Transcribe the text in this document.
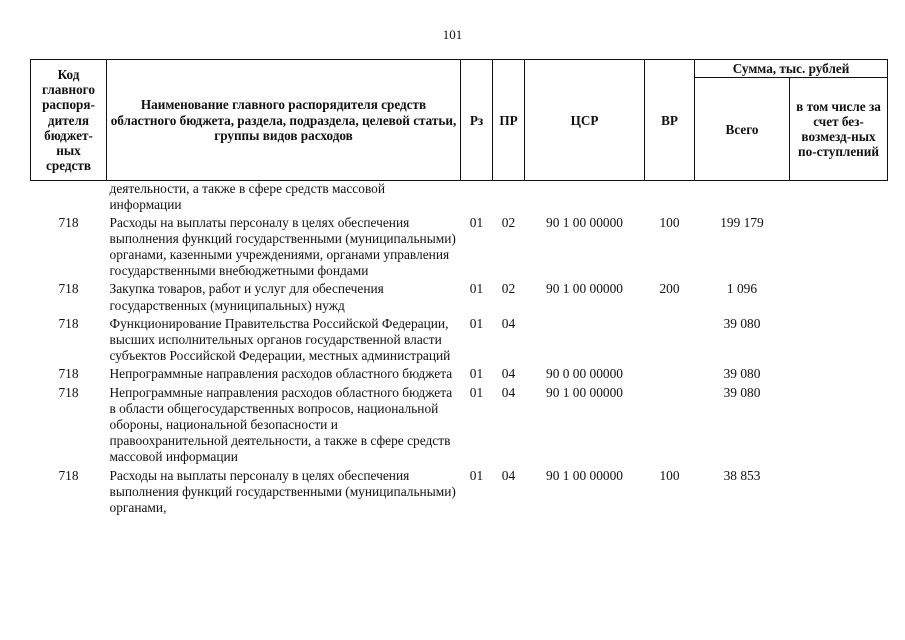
101
Код главного распоря-дителя бюджет-ных средств	Наименование главного распорядителя средств областного бюджета, раздела, подраздела, целевой статьи, группы видов расходов	Рз	ПР	ЦСР	ВР	Сумма, тыс. рублей	
						Всего	в том числе за счет без-возмезд-ных по-ступлений
	деятельности, а также в сфере средств массовой информации						
718	Расходы на выплаты персоналу в целях обеспечения выполнения функций государственными (муниципальными) органами, казенными учреждениями, органами управления государственными внебюджетными фондами	01	02	90 1 00 00000	100	199 179	
718	Закупка товаров, работ и услуг для обеспечения государственных (муниципальных) нужд	01	02	90 1 00 00000	200	1 096	
718	Функционирование Правительства Российской Федерации, высших исполнительных органов государственной власти субъектов Российской Федерации, местных администраций	01	04			39 080	
718	Непрограммные направления расходов областного бюджета	01	04	90 0 00 00000		39 080	
718	Непрограммные направления расходов областного бюджета в области общегосударственных вопросов, национальной обороны, национальной безопасности и правоохранительной деятельности, а также в сфере средств массовой информации	01	04	90 1 00 00000		39 080	
718	Расходы на выплаты персоналу в целях обеспечения выполнения функций государственными (муниципальными) органами,	01	04	90 1 00 00000	100	38 853	
